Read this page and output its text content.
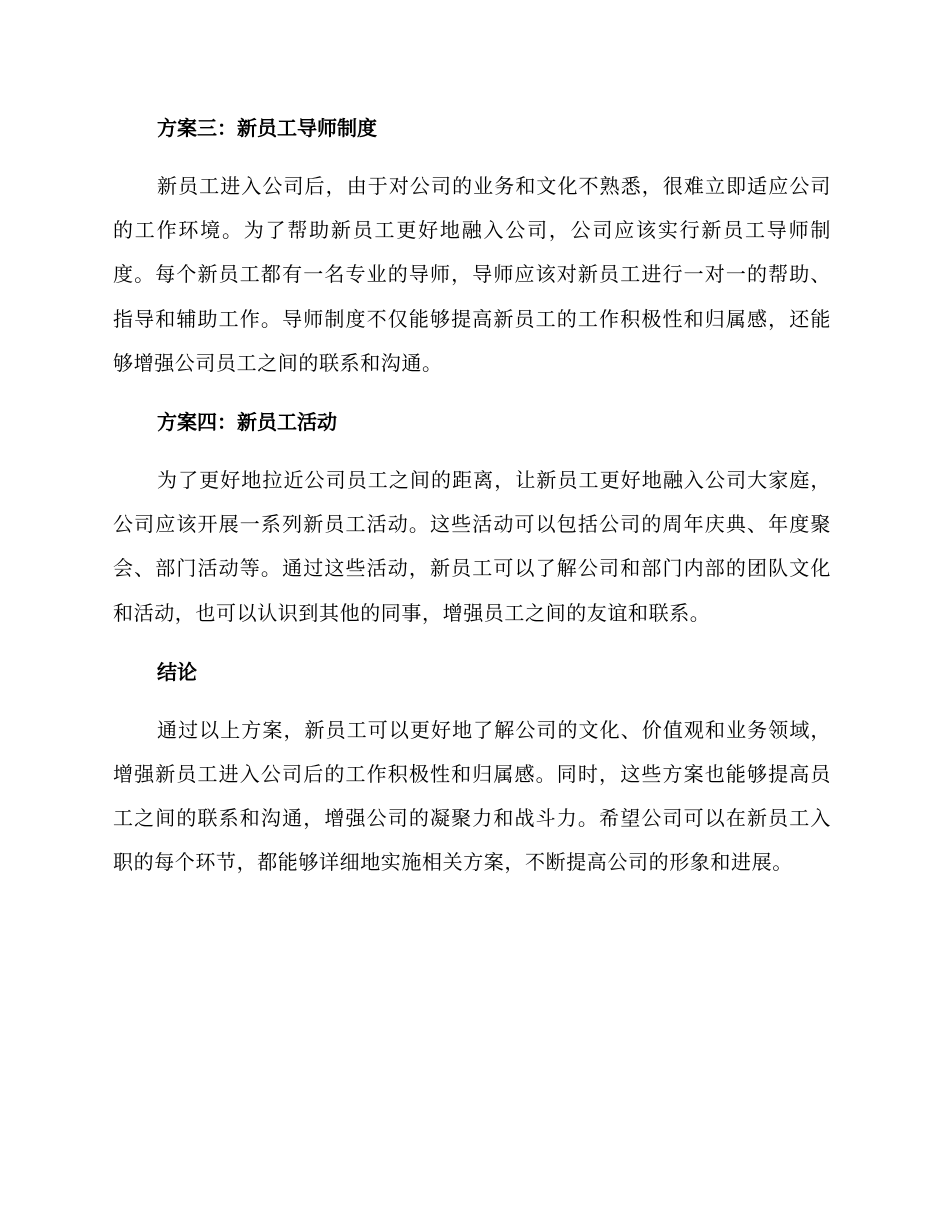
方案三：新员工导师制度

新员工进入公司后，由于对公司的业务和文化不熟悉，很难立即适应公司的工作环境。为了帮助新员工更好地融入公司，公司应该实行新员工导师制度。每个新员工都有一名专业的导师，导师应该对新员工进行一对一的帮助、指导和辅助工作。导师制度不仅能够提高新员工的工作积极性和归属感，还能够增强公司员工之间的联系和沟通。

方案四：新员工活动

为了更好地拉近公司员工之间的距离，让新员工更好地融入公司大家庭，公司应该开展一系列新员工活动。这些活动可以包括公司的周年庆典、年度聚会、部门活动等。通过这些活动，新员工可以了解公司和部门内部的团队文化和活动，也可以认识到其他的同事，增强员工之间的友谊和联系。

结论

通过以上方案，新员工可以更好地了解公司的文化、价值观和业务领域，增强新员工进入公司后的工作积极性和归属感。同时，这些方案也能够提高员工之间的联系和沟通，增强公司的凝聚力和战斗力。希望公司可以在新员工入职的每个环节，都能够详细地实施相关方案，不断提高公司的形象和进展。
